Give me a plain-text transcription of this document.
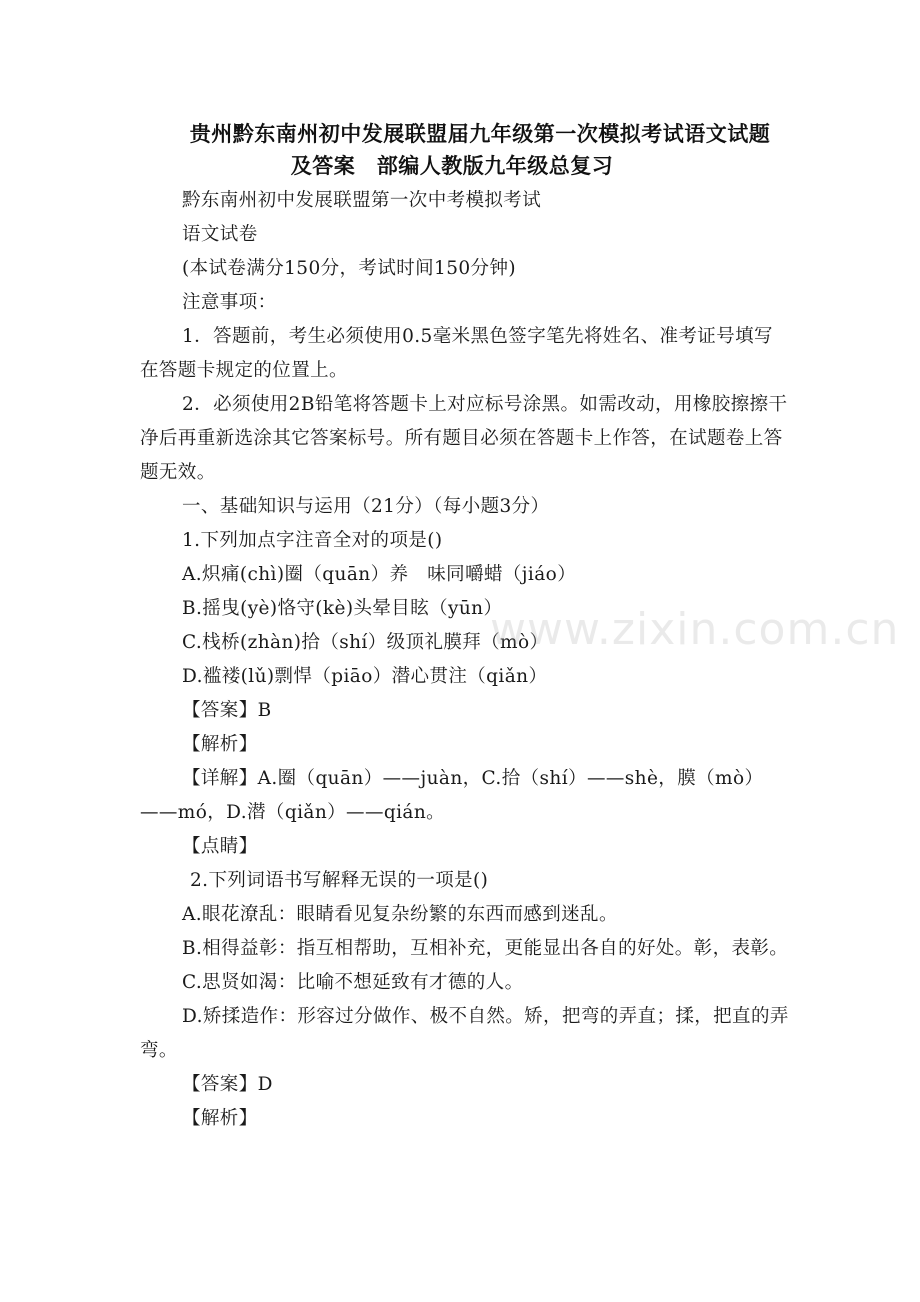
贵州黔东南州初中发展联盟届九年级第一次模拟考试语文试题
及答案　部编人教版九年级总复习

黔东南州初中发展联盟第一次中考模拟考试

语文试卷

(本试卷满分150分，考试时间150分钟)

注意事项：

1．答题前，考生必须使用0.5毫米黑色签字笔先将姓名、准考证号填写在答题卡规定的位置上。

2．必须使用2B铅笔将答题卡上对应标号涂黑。如需改动，用橡胶擦擦干净后再重新选涂其它答案标号。所有题目必须在答题卡上作答，在试题卷上答题无效。

一、基础知识与运用（21分）（每小题3分）

1.下列加点字注音全对的项是()

A.炽痛(chì)圈（quān）养　味同嚼蜡（jiáo）

B.摇曳(yè)恪守(kè)头晕目眩（yūn）

C.栈桥(zhàn)拾（shí）级顶礼膜拜（mò）

D.褴褛(lǔ)剽悍（piāo）潜心贯注（qiǎn）

【答案】B

【解析】

【详解】A.圈（quān）——juàn，C.拾（shí）——shè，膜（mò）——mó，D.潜（qiǎn）——qián。

【点睛】

2.下列词语书写解释无误的一项是()

A.眼花潦乱：眼睛看见复杂纷繁的东西而感到迷乱。

B.相得益彰：指互相帮助，互相补充，更能显出各自的好处。彰，表彰。

C.思贤如渴：比喻不想延致有才德的人。

D.矫揉造作：形容过分做作、极不自然。矫，把弯的弄直；揉，把直的弄弯。

【答案】D

【解析】

www.zixin.com.cn
